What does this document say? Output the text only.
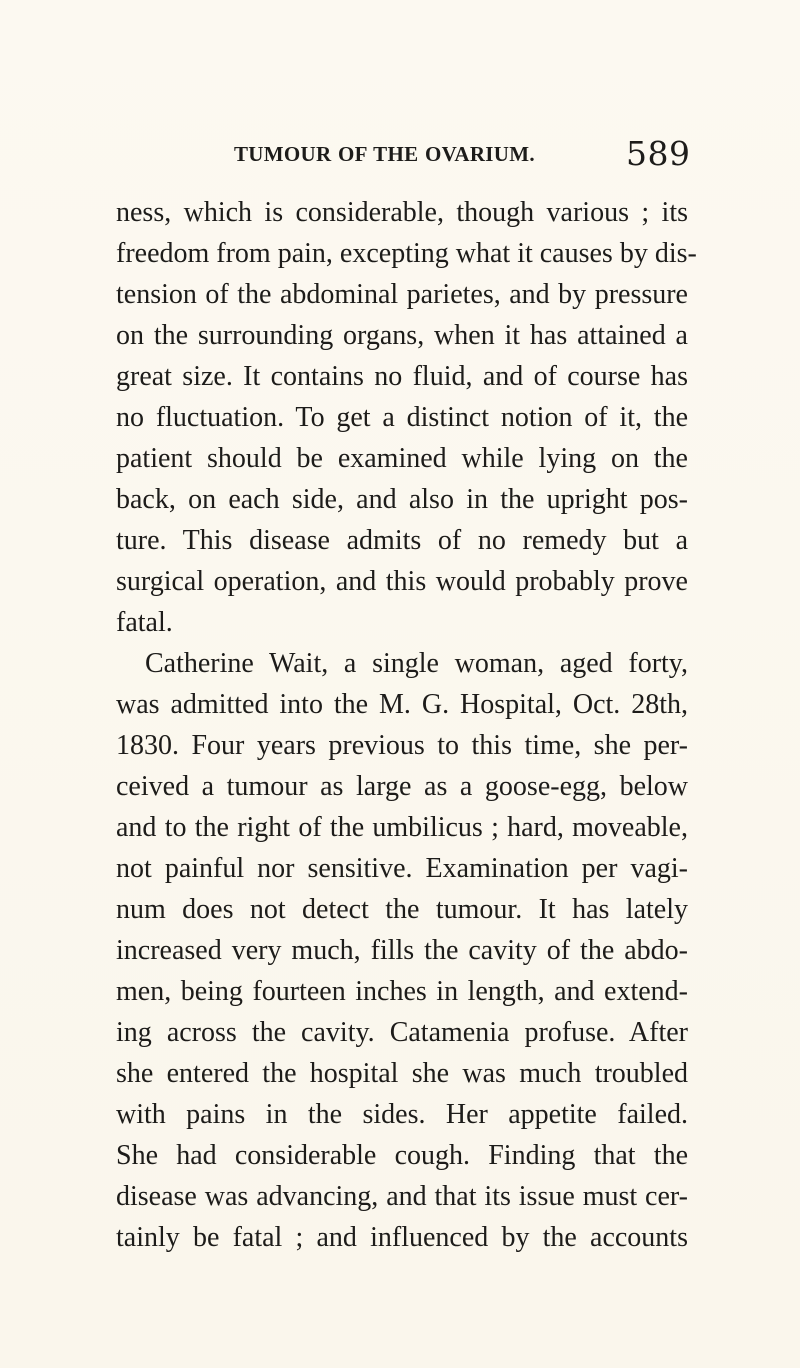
TUMOUR OF THE OVARIUM.	589
ness, which is considerable, though various ; its
freedom from pain, excepting what it causes by dis-
tension of the abdominal parietes, and by pressure
on the surrounding organs, when it has attained a
great size. It contains no fluid, and of course has
no fluctuation. To get a distinct notion of it, the
patient should be examined while lying on the
back, on each side, and also in the upright pos-
ture. This disease admits of no remedy but a
surgical operation, and this would probably prove
fatal.
Catherine Wait, a single woman, aged forty,
was admitted into the M. G. Hospital, Oct. 28th,
1830. Four years previous to this time, she per-
ceived a tumour as large as a goose-egg, below
and to the right of the umbilicus ; hard, moveable,
not painful nor sensitive. Examination per vagi-
num does not detect the tumour. It has lately
increased very much, fills the cavity of the abdo-
men, being fourteen inches in length, and extend-
ing across the cavity. Catamenia profuse. After
she entered the hospital she was much troubled
with pains in the sides. Her appetite failed.
She had considerable cough. Finding that the
disease was advancing, and that its issue must cer-
tainly be fatal ; and influenced by the accounts
